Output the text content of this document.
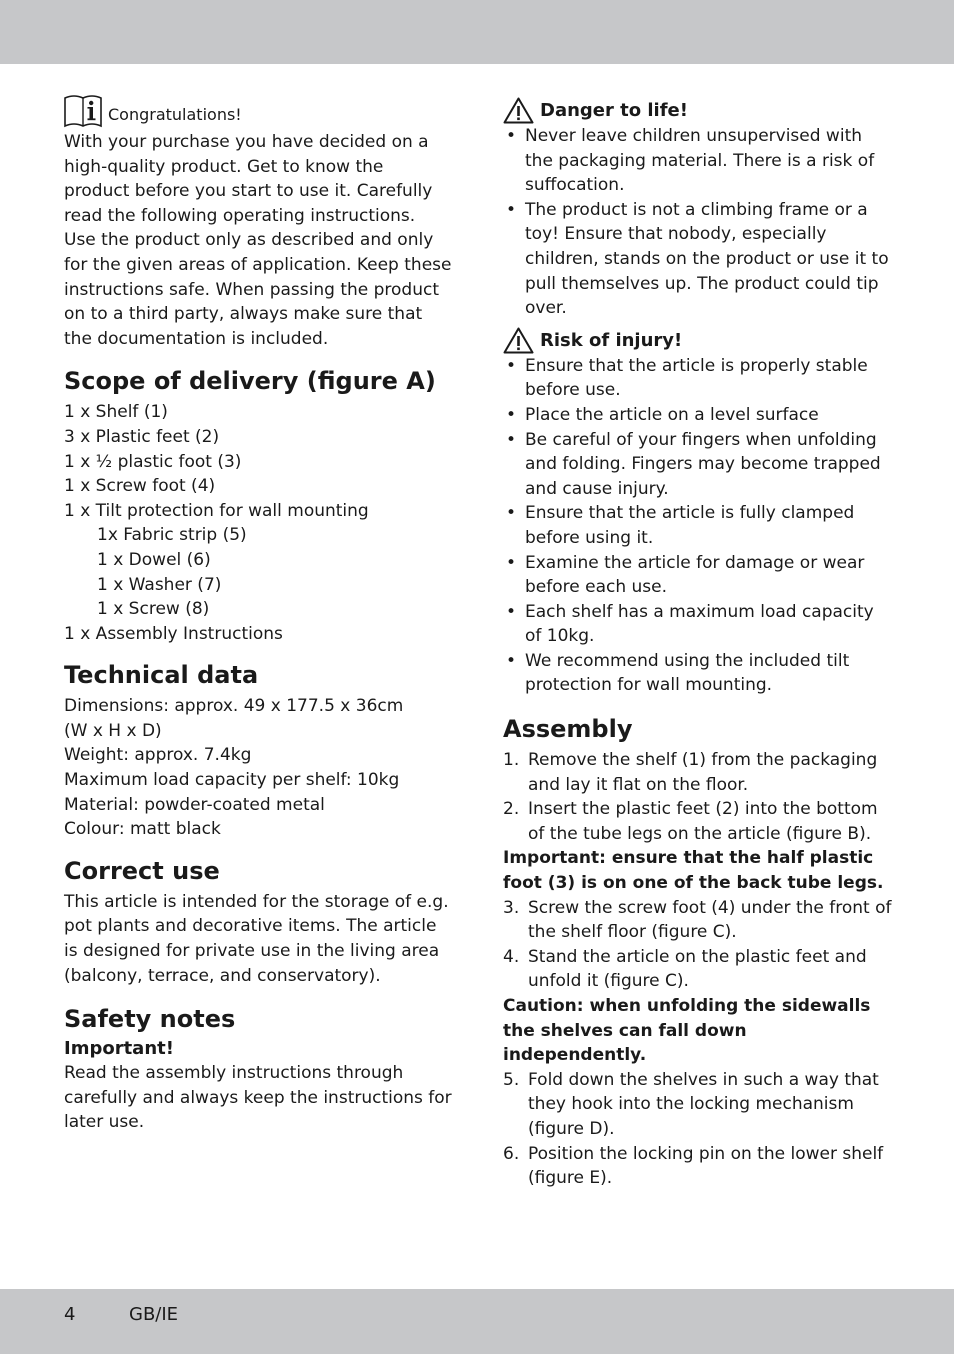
Congratulations!

With your purchase you have decided on a high-quality product. Get to know the product before you start to use it. Carefully read the following operating instructions. Use the product only as described and only for the given areas of application. Keep these instructions safe. When passing the product on to a third party, always make sure that the documentation is included.

Scope of delivery (figure A)
1 x Shelf (1)
3 x Plastic feet (2)
1 x ½ plastic foot (3)
1 x Screw foot (4)
1 x Tilt protection for wall mounting
1x Fabric strip (5)
1 x Dowel (6)
1 x Washer (7)
1 x Screw (8)
1 x Assembly Instructions
Technical data

Dimensions: approx. 49 x 177.5 x 36cm

(W x H x D)

Weight: approx. 7.4kg

Maximum load capacity per shelf: 10kg

Material: powder-coated metal

Colour: matt black

Correct use

This article is intended for the storage of e.g. pot plants and decorative items. The article is designed for private use in the living area (balcony, terrace, and conservatory).

Safety notes
Important!

Read the assembly instructions through carefully and always keep the instructions for later use.

Danger to life!
• Never leave children unsupervised with the packaging material. There is a risk of suffocation.
• The product is not a climbing frame or a toy! Ensure that nobody, especially children, stands on the product or use it to pull themselves up. The product could tip over.
Risk of injury!
• Ensure that the article is properly stable before use.
• Place the article on a level surface
• Be careful of your fingers when unfolding and folding. Fingers may become trapped and cause injury.
• Ensure that the article is fully clamped before using it.
• Examine the article for damage or wear before each use.
• Each shelf has a maximum load capacity of 10kg.
• We recommend using the included tilt protection for wall mounting.
Assembly
1. Remove the shelf (1) from the packaging and lay it flat on the floor.
2. Insert the plastic feet (2) into the bottom of the tube legs on the article (figure B).

Important: ensure that the half plastic foot (3) is on one of the back tube legs.

3. Screw the screw foot (4) under the front of the shelf floor (figure C).
4. Stand the article on the plastic feet and unfold it (figure C).

Caution: when unfolding the sidewalls the shelves can fall down independently.

5. Fold down the shelves in such a way that they hook into the locking mechanism (figure D).
6. Position the locking pin on the lower shelf (figure E).
4	GB/IE
